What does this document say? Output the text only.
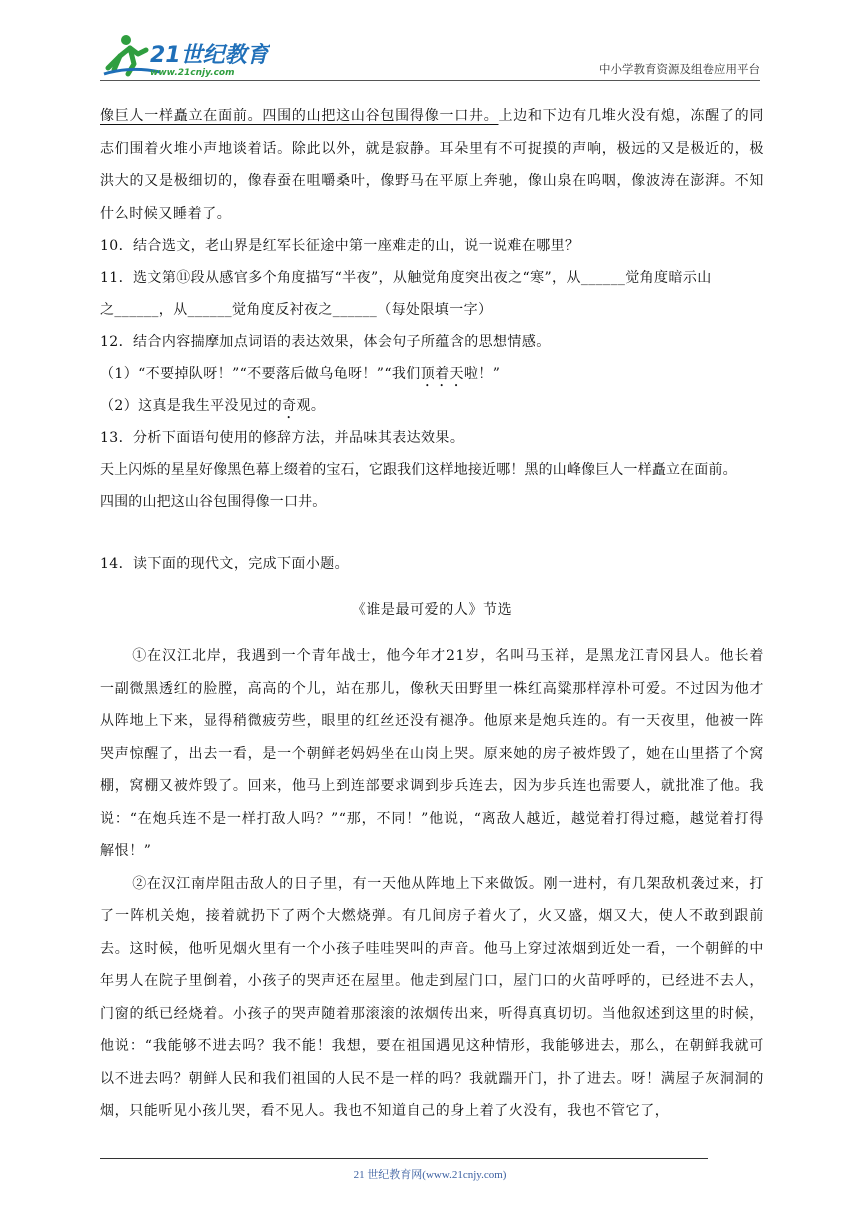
21世纪教育
www.21cnjy.com	中小学教育资源及组卷应用平台

像巨人一样矗立在面前。四围的山把这山谷包围得像一口井。上边和下边有几堆火没有熄，冻醒了的同志们围着火堆小声地谈着话。除此以外，就是寂静。耳朵里有不可捉摸的声响，极远的又是极近的，极洪大的又是极细切的，像春蚕在咀嚼桑叶，像野马在平原上奔驰，像山泉在呜咽，像波涛在澎湃。不知什么时候又睡着了。

10．结合选文，老山界是红军长征途中第一座难走的山，说一说难在哪里？

11．选文第⑪段从感官多个角度描写“半夜”，从触觉角度突出夜之“寒”，从______觉角度暗示山
之______，从______觉角度反衬夜之______（每处限填一字）

12．结合内容揣摩加点词语的表达效果，体会句子所蕴含的思想情感。

（1）“不要掉队呀！”“不要落后做乌龟呀！”“我们顶着天啦！”

（2）这真是我生平没见过的奇观。

13．分析下面语句使用的修辞方法，并品味其表达效果。

天上闪烁的星星好像黑色幕上缀着的宝石，它跟我们这样地接近哪！黑的山峰像巨人一样矗立在面前。
四围的山把这山谷包围得像一口井。

14．读下面的现代文，完成下面小题。

《谁是最可爱的人》节选

①在汉江北岸，我遇到一个青年战士，他今年才21岁，名叫马玉祥，是黑龙江青冈县人。他长着一副微黑透红的脸膛，高高的个儿，站在那儿，像秋天田野里一株红高粱那样淳朴可爱。不过因为他才从阵地上下来，显得稍微疲劳些，眼里的红丝还没有褪净。他原来是炮兵连的。有一天夜里，他被一阵哭声惊醒了，出去一看，是一个朝鲜老妈妈坐在山岗上哭。原来她的房子被炸毁了，她在山里搭了个窝棚，窝棚又被炸毁了。回来，他马上到连部要求调到步兵连去，因为步兵连也需要人，就批准了他。我说：“在炮兵连不是一样打敌人吗？”“那，不同！”他说，“离敌人越近，越觉着打得过瘾，越觉着打得解恨！”

②在汉江南岸阻击敌人的日子里，有一天他从阵地上下来做饭。刚一进村，有几架敌机袭过来，打了一阵机关炮，接着就扔下了两个大燃烧弹。有几间房子着火了，火又盛，烟又大，使人不敢到跟前去。这时候，他听见烟火里有一个小孩子哇哇哭叫的声音。他马上穿过浓烟到近处一看，一个朝鲜的中年男人在院子里倒着，小孩子的哭声还在屋里。他走到屋门口，屋门口的火苗呼呼的，已经进不去人，门窗的纸已经烧着。小孩子的哭声随着那滚滚的浓烟传出来，听得真真切切。当他叙述到这里的时候，他说：“我能够不进去吗？我不能！我想，要在祖国遇见这种情形，我能够进去，那么，在朝鲜我就可以不进去吗？朝鲜人民和我们祖国的人民不是一样的吗？我就踹开门，扑了进去。呀！满屋子灰洞洞的烟，只能听见小孩儿哭，看不见人。我也不知道自己的身上着了火没有，我也不管它了，

21 世纪教育网(www.21cnjy.com)
